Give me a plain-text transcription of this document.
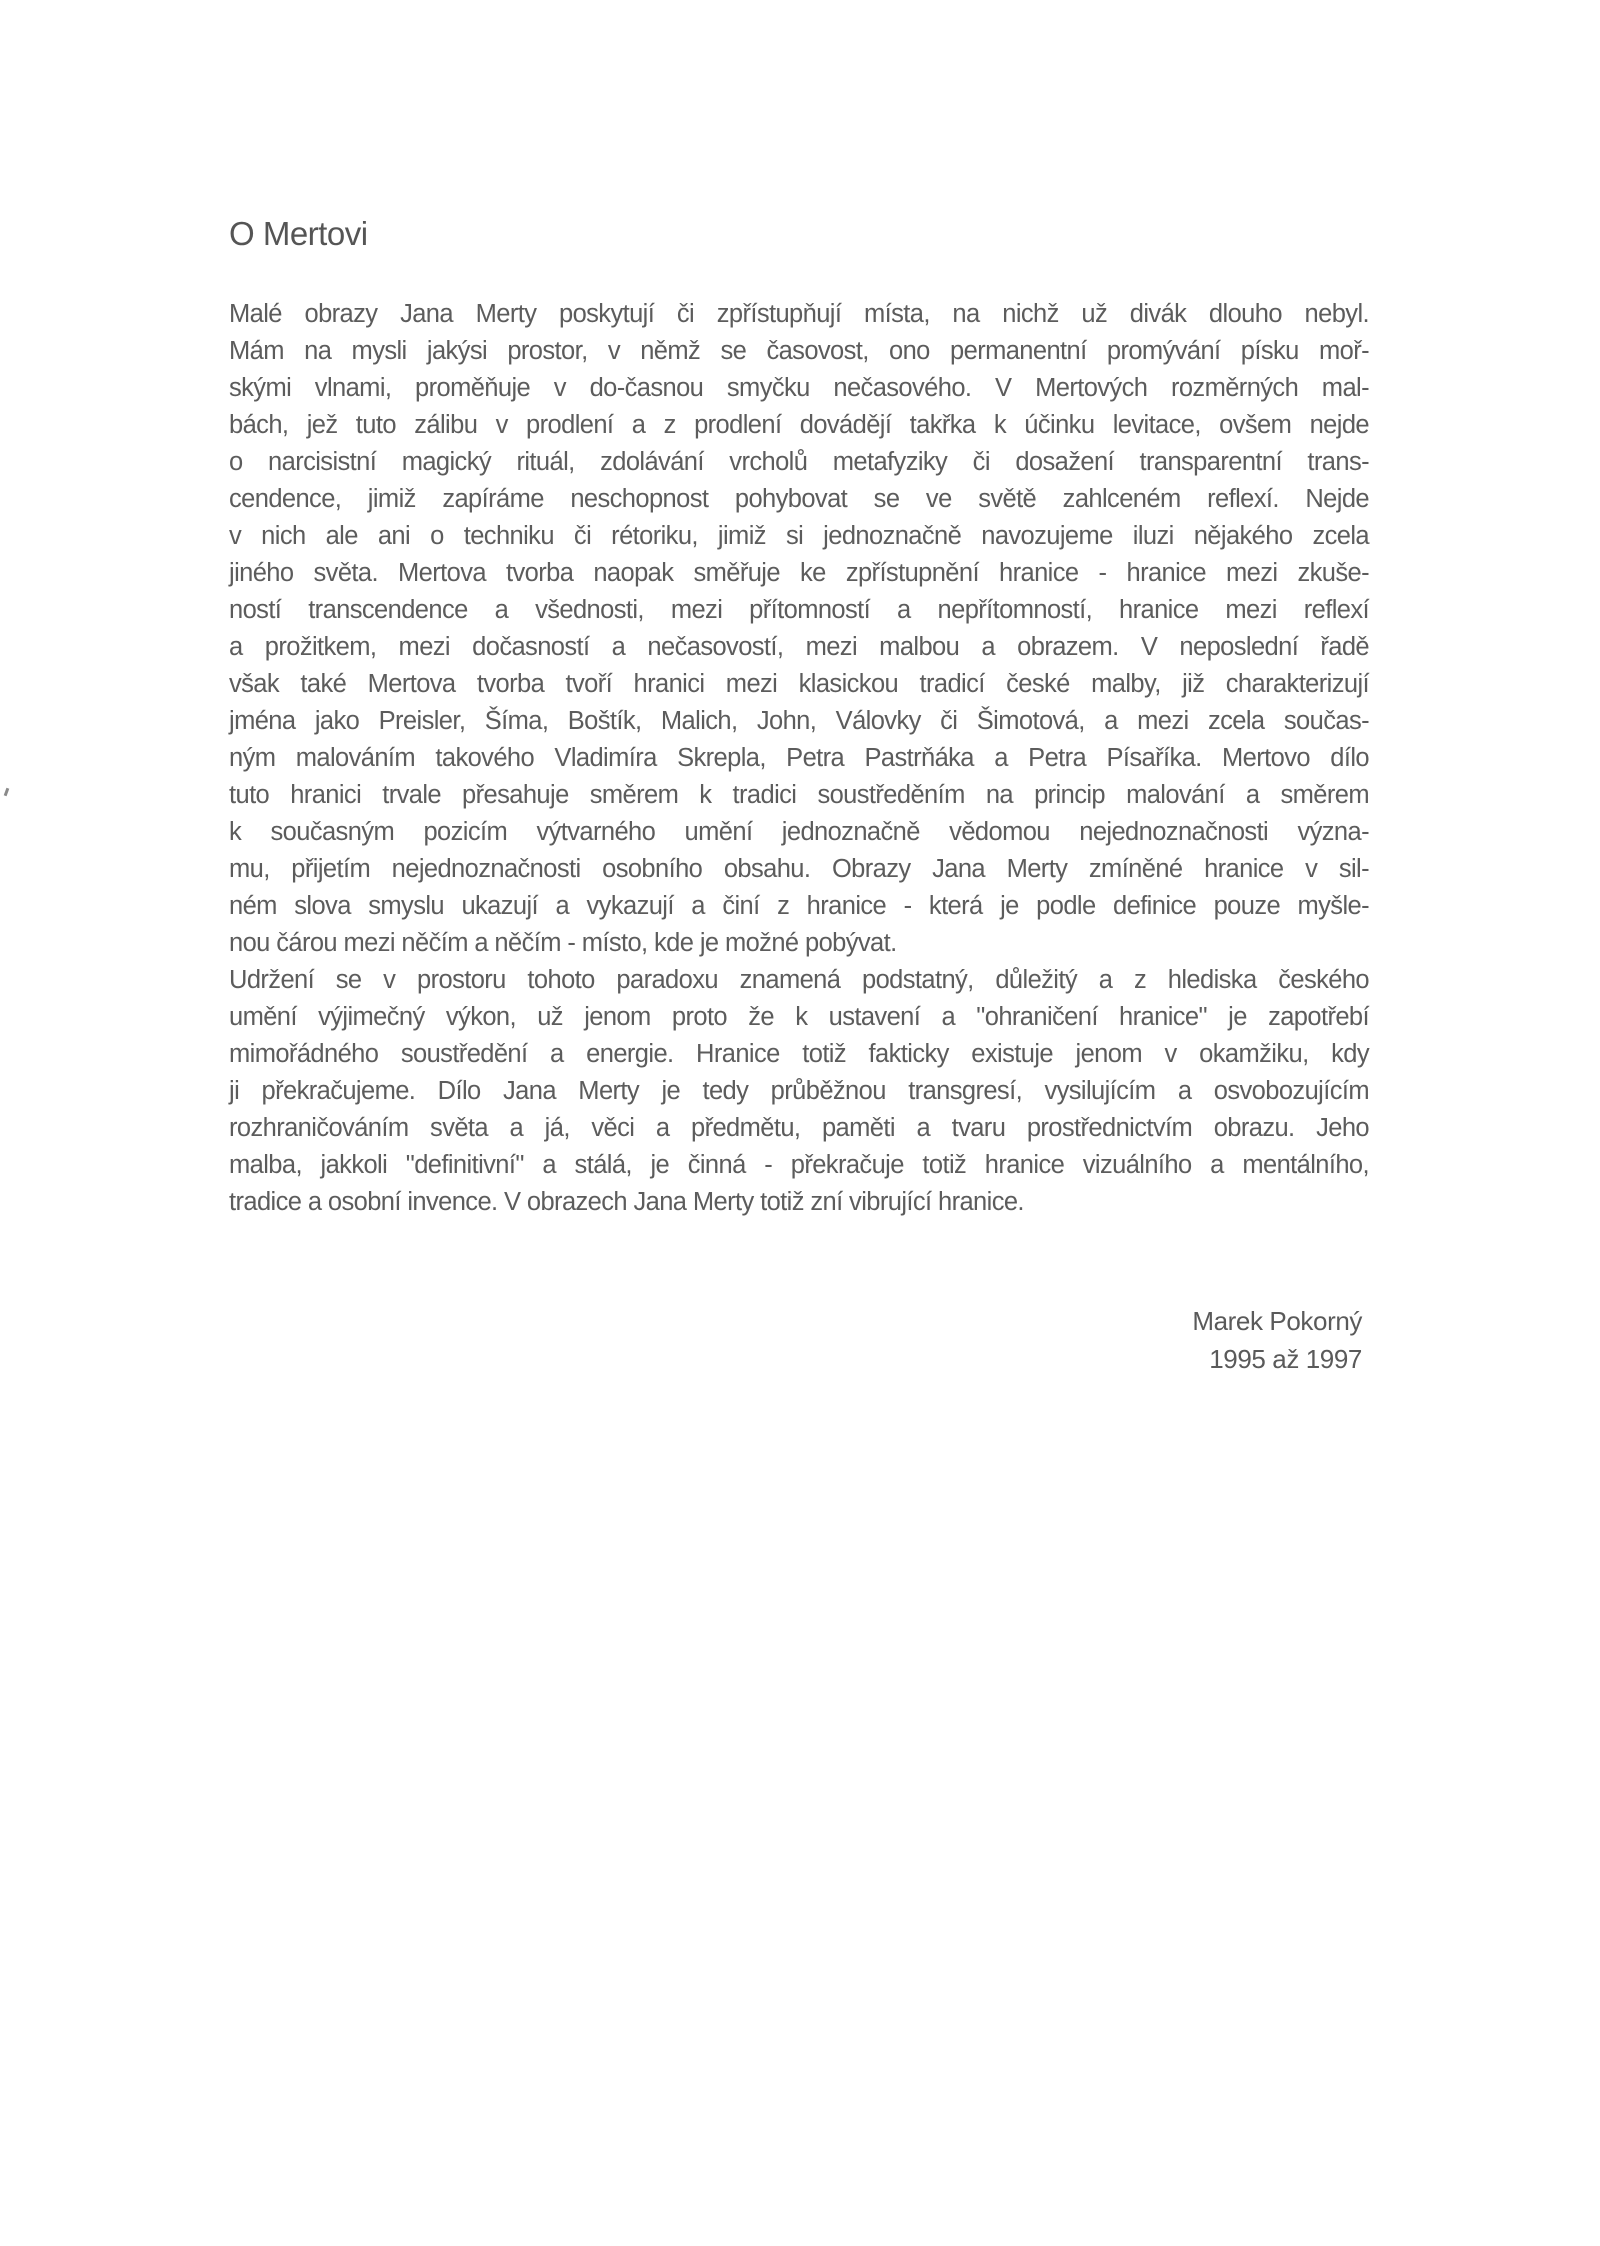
O Mertovi
Malé obrazy Jana Merty poskytují či zpřístupňují místa, na nichž už divák dlouho nebyl.
Mám na mysli jakýsi prostor, v němž se časovost, ono permanentní promývání písku moř-
skými vlnami, proměňuje v do-časnou smyčku nečasového. V Mertových rozměrných mal-
bách, jež tuto zálibu v prodlení a z prodlení dovádějí takřka k účinku levitace, ovšem nejde
o narcisistní magický rituál, zdolávání vrcholů metafyziky či dosažení transparentní trans-
cendence, jimiž zapíráme neschopnost pohybovat se ve světě zahlceném reflexí. Nejde
v nich ale ani o techniku či rétoriku, jimiž si jednoznačně navozujeme iluzi nějakého zcela
jiného světa. Mertova tvorba naopak směřuje ke zpřístupnění hranice - hranice mezi zkuše-
ností transcendence a všednosti, mezi přítomností a nepřítomností, hranice mezi reflexí
a prožitkem, mezi dočasností a nečasovostí, mezi malbou a obrazem. V neposlední řadě
však také Mertova tvorba tvoří hranici mezi klasickou tradicí české malby, již charakterizují
jména jako Preisler, Šíma, Boštík, Malich, John, Válovky či Šimotová, a mezi zcela součas-
ným malováním takového Vladimíra Skrepla, Petra Pastrňáka a Petra Písaříka. Mertovo dílo
tuto hranici trvale přesahuje směrem k tradici soustředěním na princip malování a směrem
k současným pozicím výtvarného umění jednoznačně vědomou nejednoznačnosti význa-
mu, přijetím nejednoznačnosti osobního obsahu. Obrazy Jana Merty zmíněné hranice v sil-
ném slova smyslu ukazují a vykazují a činí z hranice - která je podle definice pouze myšle-
nou čárou mezi něčím a něčím - místo, kde je možné pobývat.
Udržení se v prostoru tohoto paradoxu znamená podstatný, důležitý a z hlediska českého
umění výjimečný výkon, už jenom proto že k ustavení a "ohraničení hranice" je zapotřebí
mimořádného soustředění a energie. Hranice totiž fakticky existuje jenom v okamžiku, kdy
ji překračujeme. Dílo Jana Merty je tedy průběžnou transgresí, vysilujícím a osvobozujícím
rozhraničováním světa a já, věci a předmětu, paměti a tvaru prostřednictvím obrazu. Jeho
malba, jakkoli "definitivní" a stálá, je činná - překračuje totiž hranice vizuálního a mentálního,
tradice a osobní invence. V obrazech Jana Merty totiž zní vibrující hranice.
Marek Pokorný
1995 až 1997
